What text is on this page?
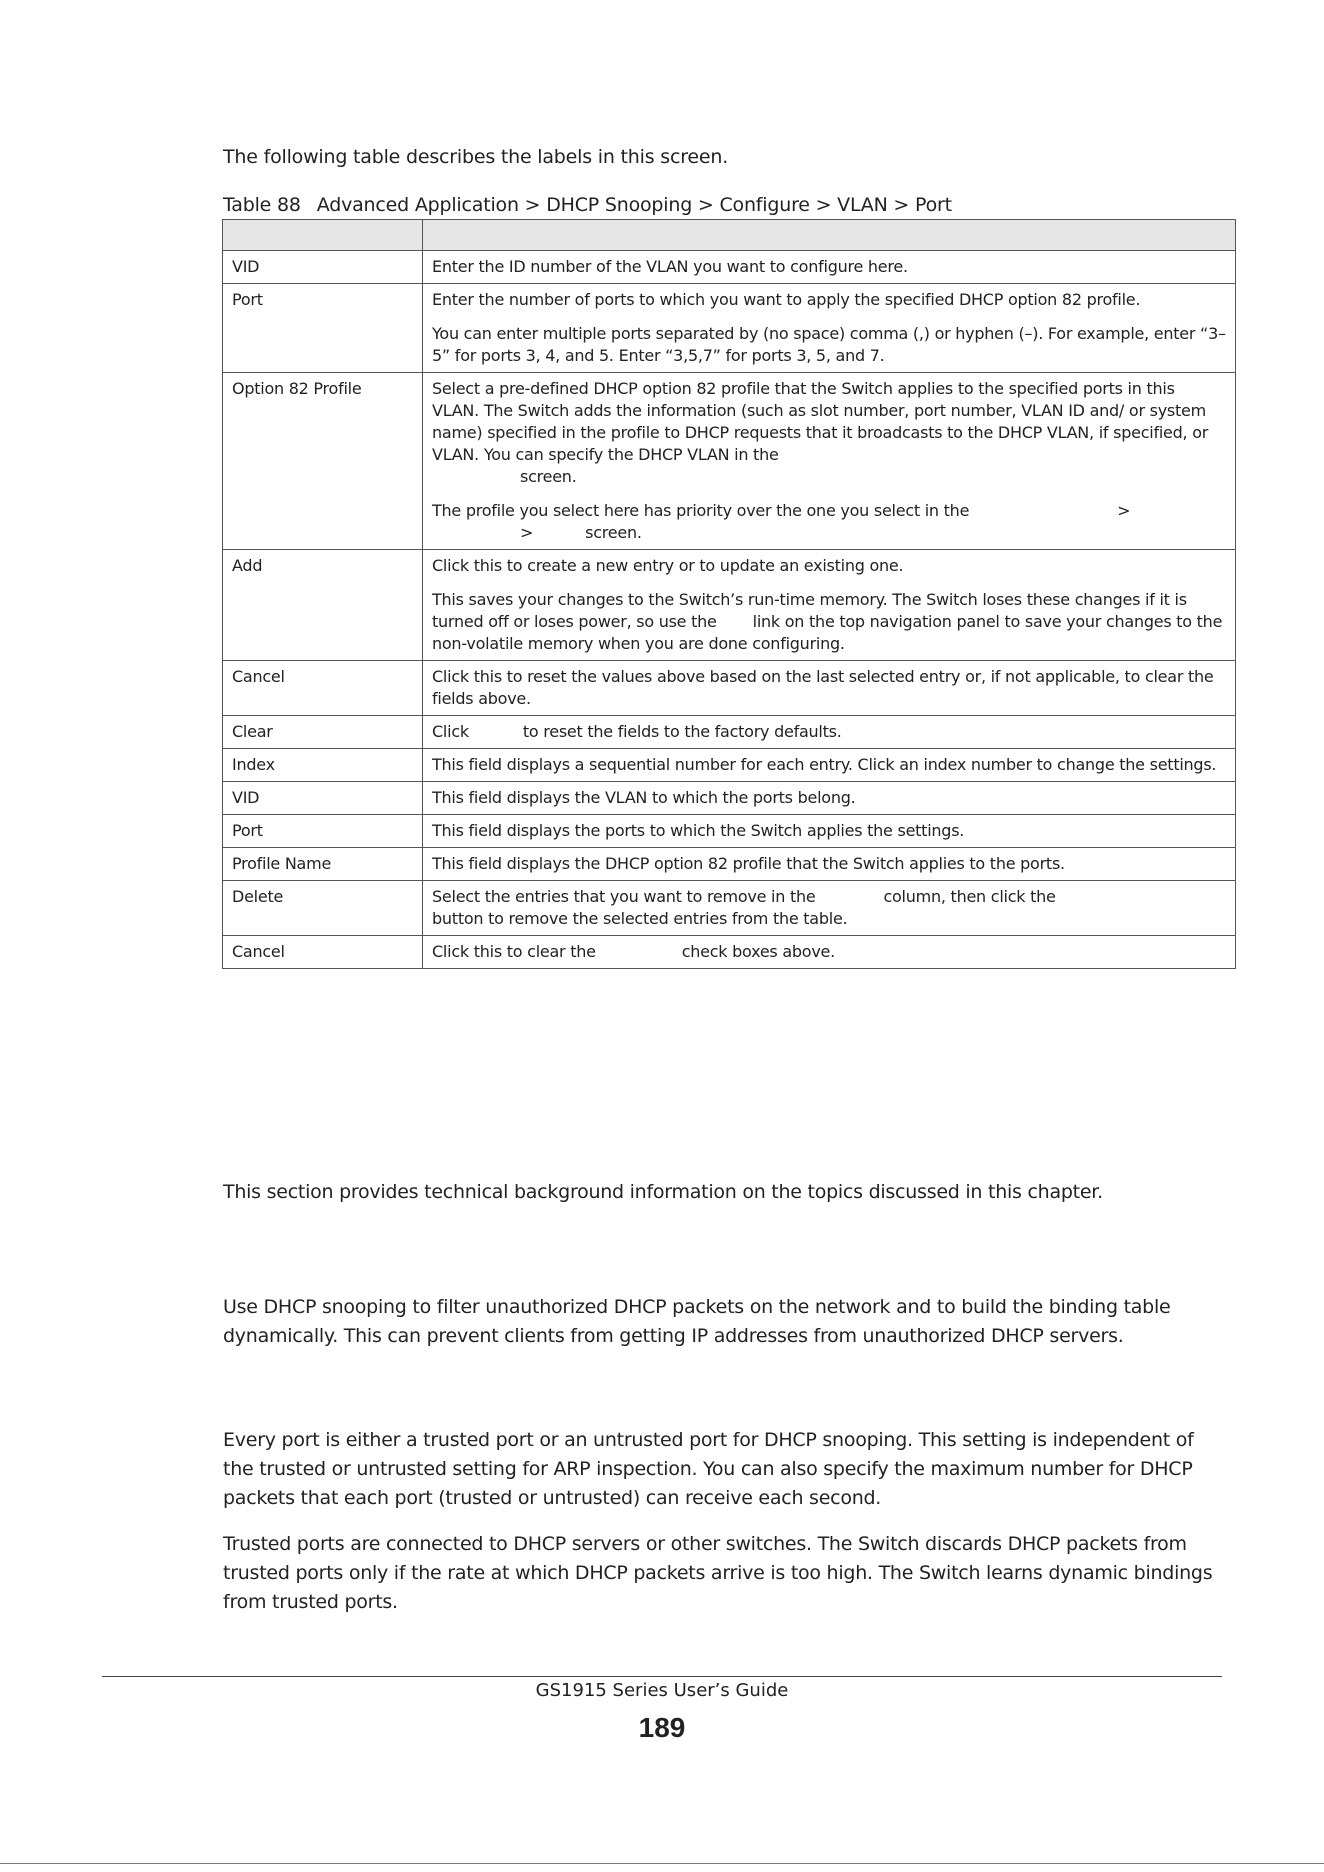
The following table describes the labels in this screen.
Table 88 Advanced Application > DHCP Snooping > Configure > VLAN > Port

VID	Enter the ID number of the VLAN you want to configure here.

Port	Enter the number of ports to which you want to apply the specified DHCP option 82 profile.

You can enter multiple ports separated by (no space) comma (,) or hyphen (–). For example, enter “3–5” for ports 3, 4, and 5. Enter “3,5,7” for ports 3, 5, and 7.

Option 82 Profile	Select a pre-defined DHCP option 82 profile that the Switch applies to the specified ports in this VLAN. The Switch adds the information (such as slot number, port number, VLAN ID and/ or system name) specified in the profile to DHCP requests that it broadcasts to the DHCP VLAN, if specified, or VLAN. You can specify the DHCP VLAN in the
screen.

The profile you select here has priority over the one you select in the >
> screen.

Add	Click this to create a new entry or to update an existing one.

This saves your changes to the Switch’s run-time memory. The Switch loses these changes if it is turned off or loses power, so use the link on the top navigation panel to save your changes to the non-volatile memory when you are done configuring.

Cancel	Click this to reset the values above based on the last selected entry or, if not applicable, to clear the fields above.

Clear	Click to reset the fields to the factory defaults.

Index	This field displays a sequential number for each entry. Click an index number to change the settings.

VID	This field displays the VLAN to which the ports belong.

Port	This field displays the ports to which the Switch applies the settings.

Profile Name	This field displays the DHCP option 82 profile that the Switch applies to the ports.

Delete	Select the entries that you want to remove in the column, then click the
button to remove the selected entries from the table.

Cancel	Click this to clear the check boxes above.

This section provides technical background information on the topics discussed in this chapter.

Use DHCP snooping to filter unauthorized DHCP packets on the network and to build the binding table dynamically. This can prevent clients from getting IP addresses from unauthorized DHCP servers.

Every port is either a trusted port or an untrusted port for DHCP snooping. This setting is independent of the trusted or untrusted setting for ARP inspection. You can also specify the maximum number for DHCP packets that each port (trusted or untrusted) can receive each second.

Trusted ports are connected to DHCP servers or other switches. The Switch discards DHCP packets from trusted ports only if the rate at which DHCP packets arrive is too high. The Switch learns dynamic bindings from trusted ports.

GS1915 Series User’s Guide
189
